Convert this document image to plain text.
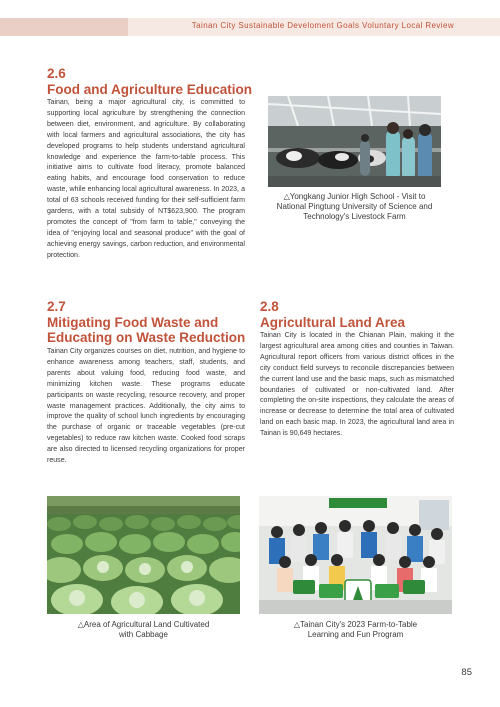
Tainan City Sustainable Develoment Goals Voluntary Local Review
2.6
Food and Agriculture Education
Tainan, being a major agricultural city, is committed to supporting local agriculture by strengthening the connection between diet, environment, and agriculture. By collaborating with local farmers and agricultural associations, the city has developed programs to help students understand agricultural knowledge and experience the farm-to-table process. This initiative aims to cultivate food literacy, promote balanced eating habits, and encourage food conservation to reduce waste, while enhancing local agricultural awareness. In 2023, a total of 63 schools received funding for their self-sufficient farm gardens, with a total subsidy of NT$623,900. The program promotes the concept of "from farm to table," conveying the idea of "enjoying local and seasonal produce" with the goal of achieving energy savings, carbon reduction, and environmental protection.
2.7
Mitigating Food Waste and
Educating on Waste Reduction
Tainan City organizes courses on diet, nutrition, and hygiene to enhance awareness among teachers, staff, students, and parents about valuing food, reducing food waste, and minimizing kitchen waste. These programs educate participants on waste recycling, resource recovery, and proper waste management practices. Additionally, the city aims to improve the quality of school lunch ingredients by encouraging the purchase of organic or traceable vegetables (pre-cut vegetables) to reduce raw kitchen waste. Cooked food scraps are also directed to licensed recycling organizations for proper reuse.
2.8
Agricultural Land Area
Tainan City is located in the Chianan Plain, making it the largest agricultural area among cities and counties in Taiwan. Agricultural report officers from various district offices in the city conduct field surveys to reconcile discrepancies between the current land use and the basic maps, such as mismatched boundaries of cultivated or non-cultivated land. After completing the on-site inspections, they calculate the areas of increase or decrease to determine the total area of cultivated land on each basic map. In 2023, the agricultural land area in Tainan is 90,649 hectares.
△Yongkang Junior High School - Visit to
National Pingtung University of Science and
Technology's Livestock Farm
△Area of Agricultural Land Cultivated
with Cabbage
△Tainan City's 2023 Farm-to-Table
Learning and Fun Program
85
